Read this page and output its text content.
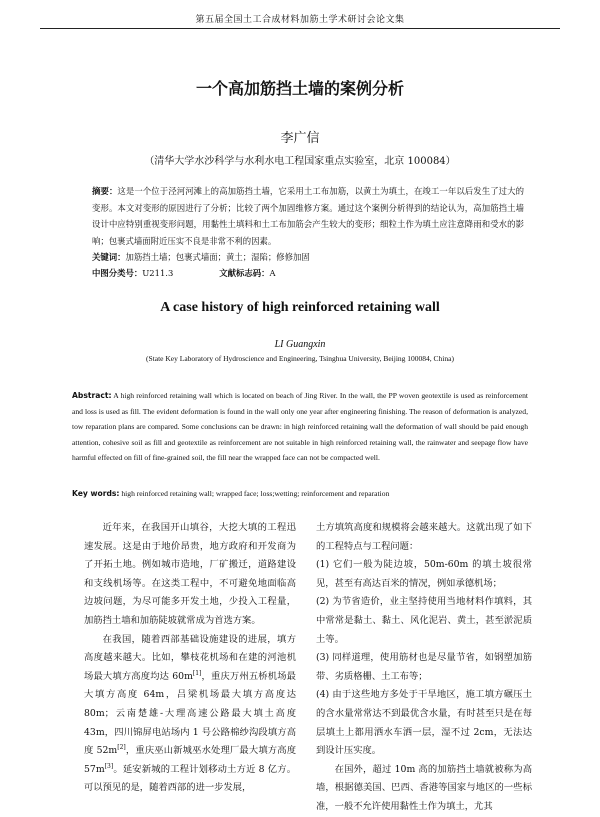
第五届全国土工合成材料加筋土学术研讨会论文集
一个高加筋挡土墙的案例分析
李广信
（清华大学水沙科学与水利水电工程国家重点实验室，北京 100084）
摘要：这是一个位于泾河河滩上的高加筋挡土墙，它采用土工布加筋，以黄土为填土，在竣工一年以后发生了过大的变形。本文对变形的原因进行了分析；比较了两个加固维修方案。通过这个案例分析得到的结论认为，高加筋挡土墙设计中应特别重视变形问题，用黏性土填料和土工布加筋会产生较大的变形；细粒土作为填土应注意降雨和受水的影响；包裹式墙面附近压实不良是非常不利的因素。
关键词：加筋挡土墙；包裹式墙面；黄土；湿陷；修修加固
中图分类号：U211.3	文献标志码：A
A case history of high reinforced retaining wall
LI Guangxin
(State Key Laboratory of Hydroscience and Engineering, Tsinghua University, Beijing 100084, China)
Abstract: A high reinforced retaining wall which is located on beach of Jing River. In the wall, the PP woven geotextile is used as reinforcement and loss is used as fill. The evident deformation is found in the wall only one year after engineering finishing. The reason of deformation is analyzed, tow reparation plans are compared. Some conclusions can be drawn: in high reinforced retaining wall the deformation of wall should be paid enough attention, cohesive soil as fill and geotextile as reinforcement are not suitable in high reinforced retaining wall, the rainwater and seepage flow have harmful effected on fill of fine-grained soil, the fill near the wrapped face can not be compacted well.
Key words: high reinforced retaining wall; wrapped face; loss;wetting; reinforcement and reparation

近年来，在我国开山填谷，大挖大填的工程迅速发展。这是由于地价昂贵，地方政府和开发商为了开拓土地。例如城市造地，厂矿搬迁，道路建设和支线机场等。在这类工程中，不可避免地面临高边坡问题，为尽可能多开发土地，少投入工程量，加筋挡土墙和加筋陡坡就常成为首选方案。

在我国，随着西部基础设施建设的进展，填方高度越来越大。比如，攀枝花机场和在建的河池机场最大填方高度均达 60m[1]，重庆万州五桥机场最大填方高度 64m，吕梁机场最大填方高度达 80m；云南楚雄-大理高速公路最大填土高度 43m，四川锦屏电站场内 1 号公路棉纱沟段填方高度 52m[2]，重庆巫山新城巫水处理厂最大填方高度 57m[3]。延安新城的工程计划移动土方近 8 亿方。可以预见的是，随着西部的进一步发展，

土方填筑高度和规模将会越来越大。这就出现了如下的工程特点与工程问题：

(1) 它们一般为陡边坡，50m-60m 的填土坡很常见，甚至有高达百米的情况，例如承德机场；

(2) 为节省造价，业主坚持使用当地材料作填料，其中常常是黏土、黏土、风化泥岩、黄土，甚至淤泥质土等。

(3) 同样道理，使用筋材也是尽量节省，如钢塑加筋带、劣质格栅、土工布等；

(4) 由于这些地方多处于干旱地区，施工填方碾压土的含水量常常达不到最优含水量，有时甚至只是在每层填土上都用洒水车洒一层，湿不过 2cm，无法达到设计压实度。

在国外，超过 10m 高的加筋挡土墙就被称为高墙，根据德美国、巴西、香港等国家与地区的一些标准，一般不允许使用黏性土作为填土，尤其
